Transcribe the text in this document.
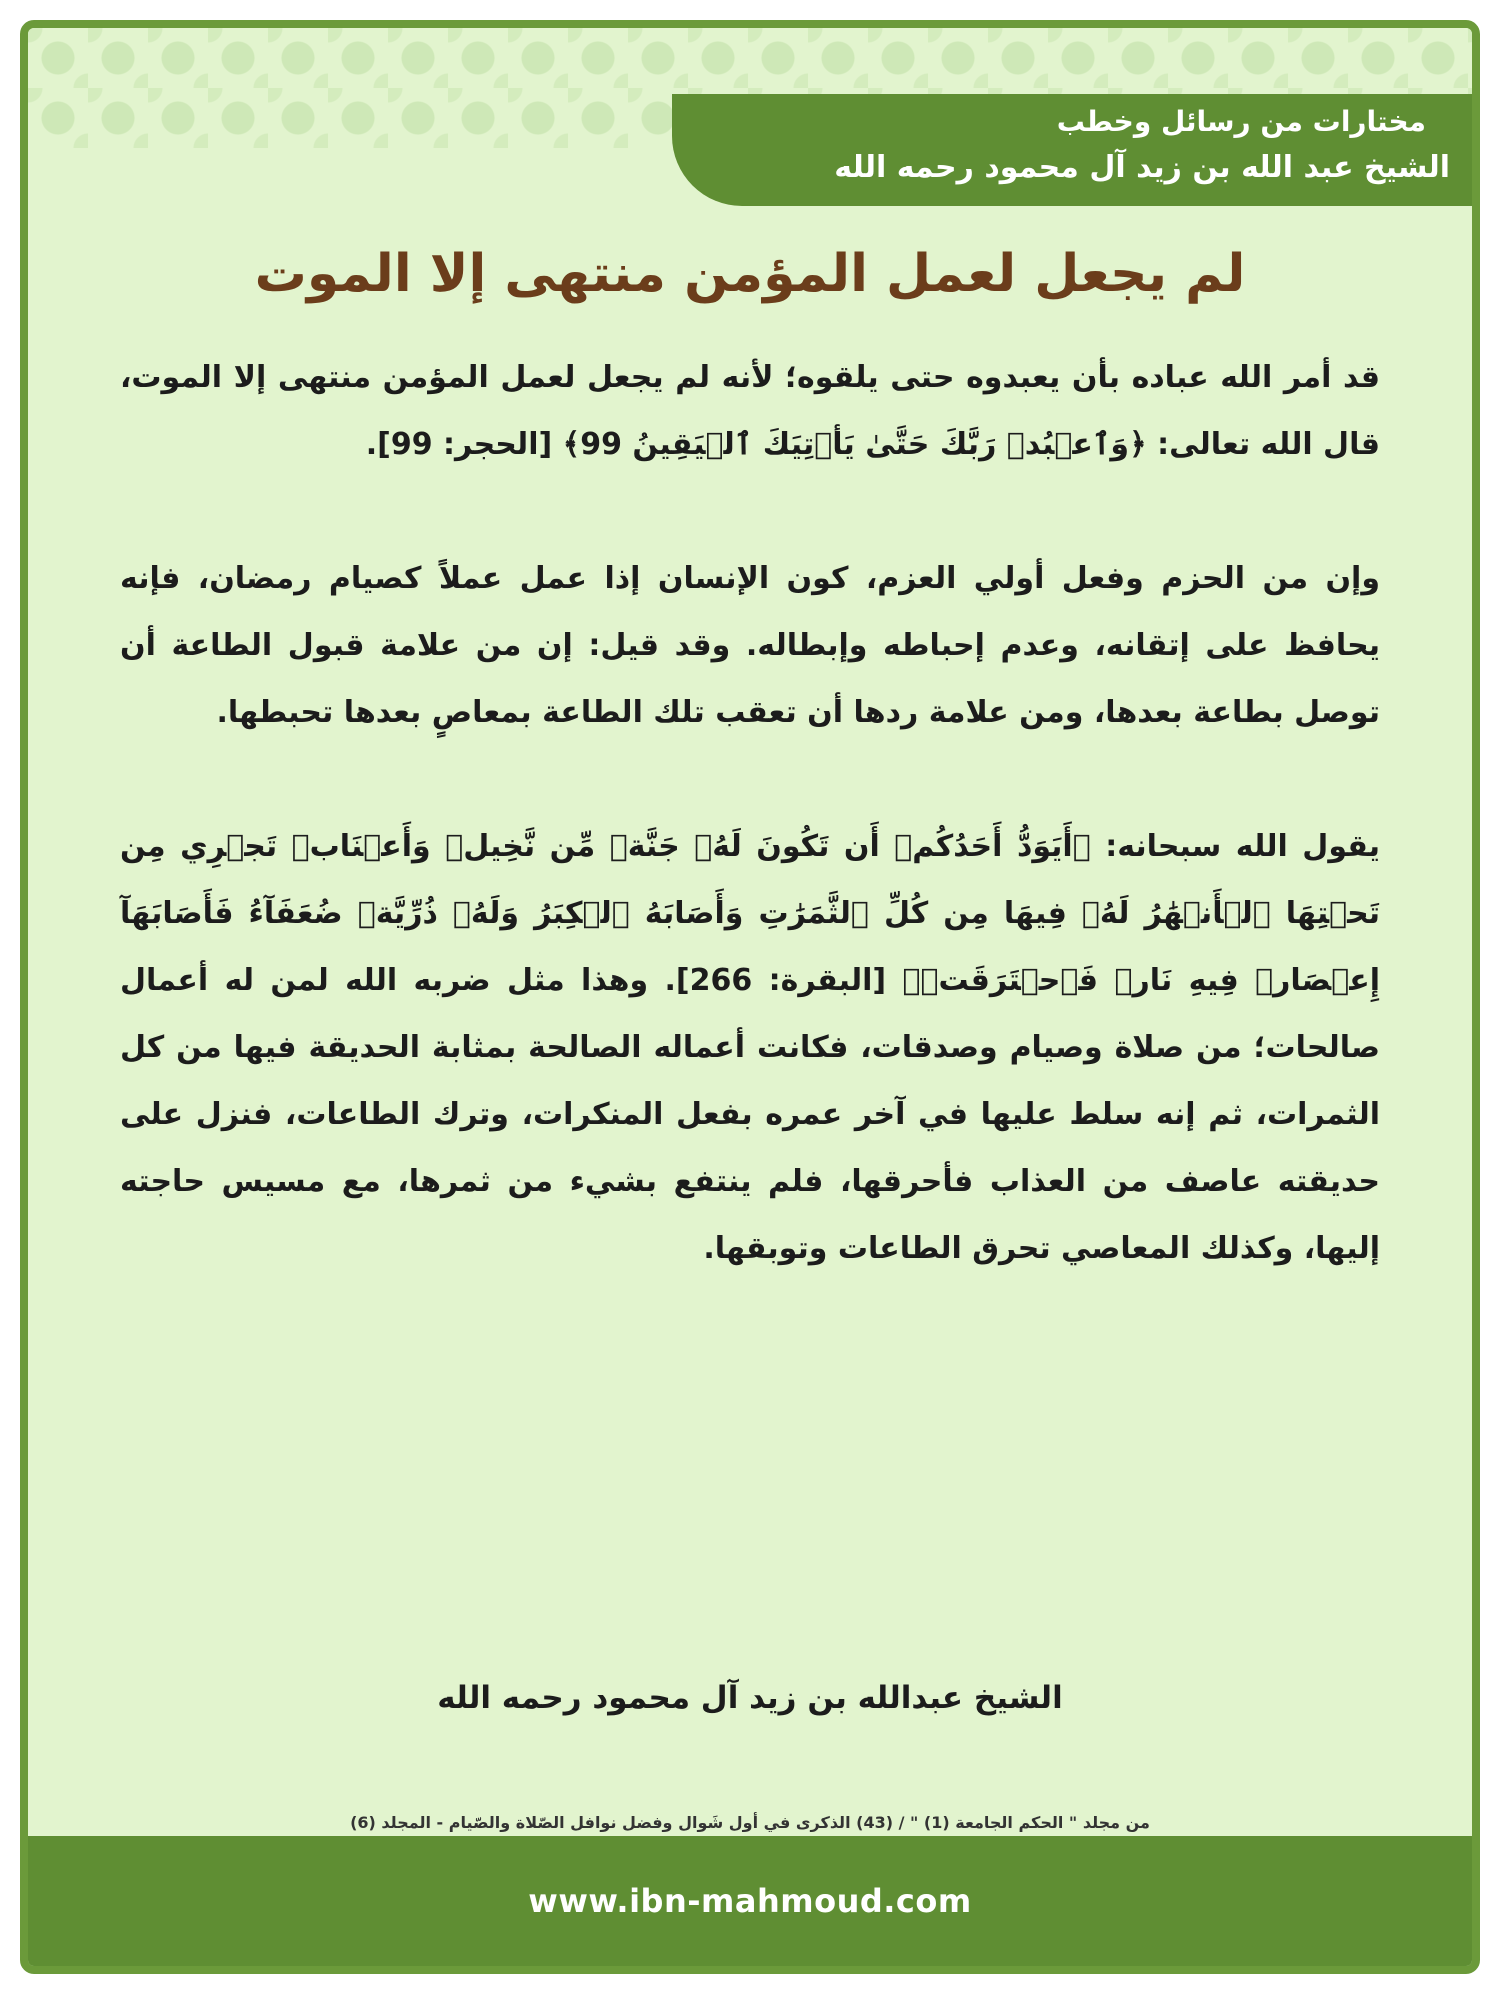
مختارات من رسائل وخطب
الشيخ عبد الله بن زيد آل محمود رحمه الله
لم يجعل لعمل المؤمن منتهى إلا الموت

قد أمر الله عباده بأن يعبدوه حتى يلقوه؛ لأنه لم يجعل لعمل المؤمن منتهى إلا الموت، قال الله تعالى: ﴿وَٱعۡبُدۡ رَبَّكَ حَتَّىٰ يَأۡتِيَكَ ٱلۡيَقِينُ 99﴾ [الحجر: 99].

وإن من الحزم وفعل أولي العزم، كون الإنسان إذا عمل عملاً كصيام رمضان، فإنه يحافظ على إتقانه، وعدم إحباطه وإبطاله. وقد قيل: إن من علامة قبول الطاعة أن توصل بطاعة بعدها، ومن علامة ردها أن تعقب تلك الطاعة بمعاصٍ بعدها تحبطها.

يقول الله سبحانه: ﴿أَيَوَدُّ أَحَدُكُمۡ أَن تَكُونَ لَهُۥ جَنَّةٞ مِّن نَّخِيلٖ وَأَعۡنَابٖ تَجۡرِي مِن تَحۡتِهَا ٱلۡأَنۡهَٰرُ لَهُۥ فِيهَا مِن كُلِّ ٱلثَّمَرَٰتِ وَأَصَابَهُ ٱلۡكِبَرُ وَلَهُۥ ذُرِّيَّةٞ ضُعَفَآءُ فَأَصَابَهَآ إِعۡصَارٞ فِيهِ نَارٞ فَٱحۡتَرَقَتۡ﴾ [البقرة: 266]. وهذا مثل ضربه الله لمن له أعمال صالحات؛ من صلاة وصيام وصدقات، فكانت أعماله الصالحة بمثابة الحديقة فيها من كل الثمرات، ثم إنه سلط عليها في آخر عمره بفعل المنكرات، وترك الطاعات، فنزل على حديقته عاصف من العذاب فأحرقها، فلم ينتفع بشيء من ثمرها، مع مسيس حاجته إليها، وكذلك المعاصي تحرق الطاعات وتوبقها.

الشيخ عبدالله بن زيد آل محمود رحمه الله
من مجلد " الحكم الجامعة (1) " / (43) الذكرى في أول شَوال وفضل نوافل الصّلاة والصّيام - المجلد (6)
www.ibn-mahmoud.com
